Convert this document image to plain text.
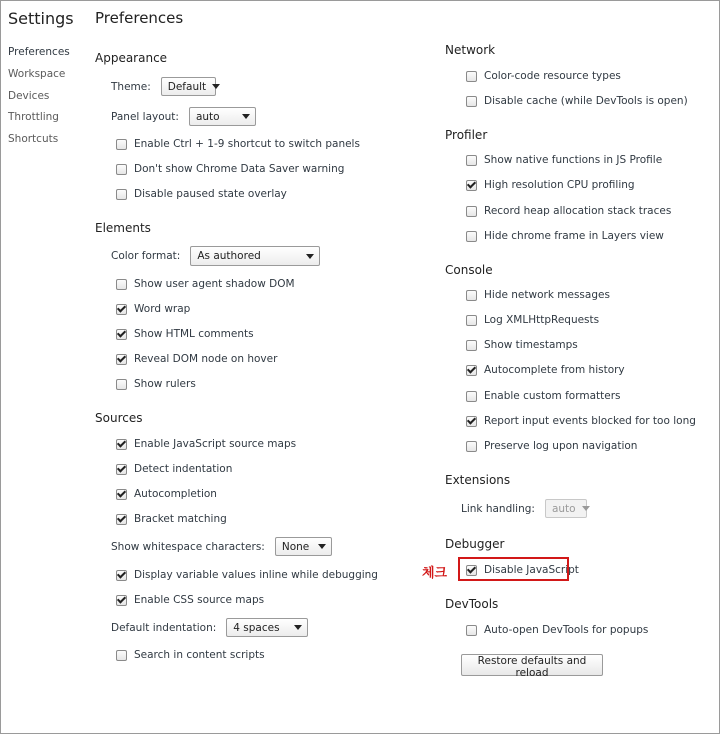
Settings
Preferences
Workspace
Devices
Throttling
Shortcuts
Preferences
Appearance
Theme: Default
Panel layout: auto
Enable Ctrl + 1-9 shortcut to switch panels
Don't show Chrome Data Saver warning
Disable paused state overlay
Elements
Color format: As authored
Show user agent shadow DOM
Word wrap
Show HTML comments
Reveal DOM node on hover
Show rulers
Sources
Enable JavaScript source maps
Detect indentation
Autocompletion
Bracket matching
Show whitespace characters: None
Display variable values inline while debugging
Enable CSS source maps
Default indentation: 4 spaces
Search in content scripts
Network
Color-code resource types
Disable cache (while DevTools is open)
Profiler
Show native functions in JS Profile
High resolution CPU profiling
Record heap allocation stack traces
Hide chrome frame in Layers view
Console
Hide network messages
Log XMLHttpRequests
Show timestamps
Autocomplete from history
Enable custom formatters
Report input events blocked for too long
Preserve log upon navigation
Extensions
Link handling: auto
Debugger
Disable JavaScript
체크
DevTools
Auto-open DevTools for popups
Restore defaults and reload
